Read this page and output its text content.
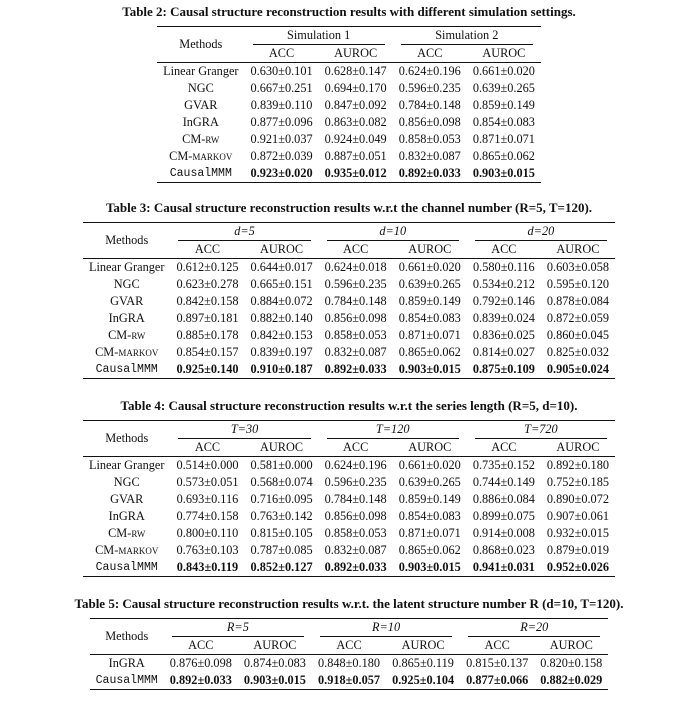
Table 2: Causal structure reconstruction results with different simulation settings.

Methods	Simulation 1		Simulation 2	

	ACC	AUROC	ACC	AUROC
Linear Granger	0.630±0.101	0.628±0.147	0.624±0.196	0.661±0.020
NGC	0.667±0.251	0.694±0.170	0.596±0.235	0.639±0.265
GVAR	0.839±0.110	0.847±0.092	0.784±0.148	0.859±0.149
InGRA	0.877±0.096	0.863±0.082	0.856±0.098	0.854±0.083
CM-rw	0.921±0.037	0.924±0.049	0.858±0.053	0.871±0.071
CM-markov	0.872±0.039	0.887±0.051	0.832±0.087	0.865±0.062
CausalMMM	0.923±0.020	0.935±0.012	0.892±0.033	0.903±0.015

Table 3: Causal structure reconstruction results w.r.t the channel number (R=5, T=120).

Methods	d=5		d=10		d=20	

	ACC	AUROC	ACC	AUROC	ACC	AUROC
Linear Granger	0.612±0.125	0.644±0.017	0.624±0.018	0.661±0.020	0.580±0.116	0.603±0.058
NGC	0.623±0.278	0.665±0.151	0.596±0.235	0.639±0.265	0.534±0.212	0.595±0.120
GVAR	0.842±0.158	0.884±0.072	0.784±0.148	0.859±0.149	0.792±0.146	0.878±0.084
InGRA	0.897±0.181	0.882±0.140	0.856±0.098	0.854±0.083	0.839±0.024	0.872±0.059
CM-rw	0.885±0.178	0.842±0.153	0.858±0.053	0.871±0.071	0.836±0.025	0.860±0.045
CM-markov	0.854±0.157	0.839±0.197	0.832±0.087	0.865±0.062	0.814±0.027	0.825±0.032
CausalMMM	0.925±0.140	0.910±0.187	0.892±0.033	0.903±0.015	0.875±0.109	0.905±0.024

Table 4: Causal structure reconstruction results w.r.t the series length (R=5, d=10).

Methods	T=30		T=120		T=720	

	ACC	AUROC	ACC	AUROC	ACC	AUROC
Linear Granger	0.514±0.000	0.581±0.000	0.624±0.196	0.661±0.020	0.735±0.152	0.892±0.180
NGC	0.573±0.051	0.568±0.074	0.596±0.235	0.639±0.265	0.744±0.149	0.752±0.185
GVAR	0.693±0.116	0.716±0.095	0.784±0.148	0.859±0.149	0.886±0.084	0.890±0.072
InGRA	0.774±0.158	0.763±0.142	0.856±0.098	0.854±0.083	0.899±0.075	0.907±0.061
CM-rw	0.800±0.110	0.815±0.105	0.858±0.053	0.871±0.071	0.914±0.008	0.932±0.015
CM-markov	0.763±0.103	0.787±0.085	0.832±0.087	0.865±0.062	0.868±0.023	0.879±0.019
CausalMMM	0.843±0.119	0.852±0.127	0.892±0.033	0.903±0.015	0.941±0.031	0.952±0.026

Table 5: Causal structure reconstruction results w.r.t. the latent structure number R (d=10, T=120).

Methods	R=5		R=10		R=20	

	ACC	AUROC	ACC	AUROC	ACC	AUROC
InGRA	0.876±0.098	0.874±0.083	0.848±0.180	0.865±0.119	0.815±0.137	0.820±0.158
CausalMMM	0.892±0.033	0.903±0.015	0.918±0.057	0.925±0.104	0.877±0.066	0.882±0.029
